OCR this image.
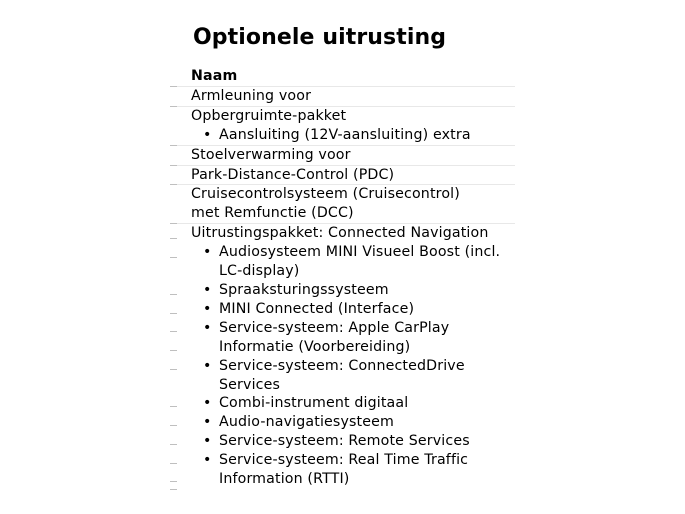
Optionele uitrusting
Naam
Armleuning voor
Opbergruimte-pakket
• Aansluiting (12V-aansluiting) extra
Stoelverwarming voor
Park-Distance-Control (PDC)
Cruisecontrolsysteem (Cruisecontrol) met Remfunctie (DCC)
Uitrustingspakket: Connected Navigation
• Audiosysteem MINI Visueel Boost (incl. LC-display)
• Spraaksturingssysteem
• MINI Connected (Interface)
• Service-systeem: Apple CarPlay Informatie (Voorbereiding)
• Service-systeem: ConnectedDrive Services
• Combi-instrument digitaal
• Audio-navigatiesysteem
• Service-systeem: Remote Services
• Service-systeem: Real Time Traffic Information (RTTI)
